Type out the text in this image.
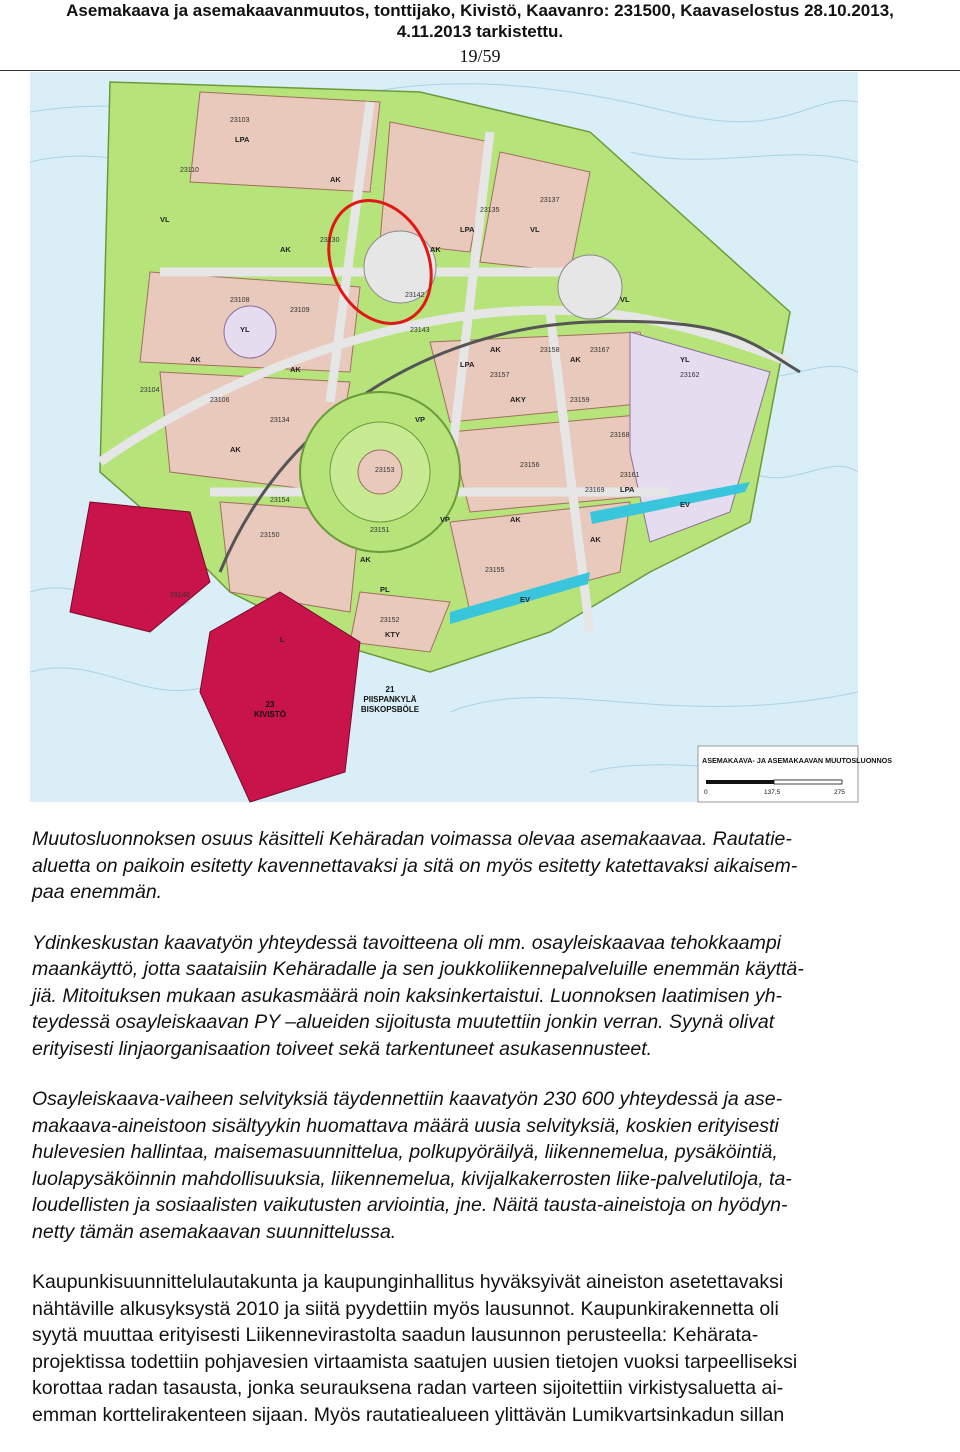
Asemakaava ja asemakaavanmuutos, tonttijako, Kivistö, Kaavanro: 231500, Kaavaselostus 28.10.2013,
4.11.2013 tarkistettu.
19/59
23103
23104
23106
23108
23109
23110
23130
23134
23135
23137
23142
23143
23148
23150
23151
23152
23153
23154
23155
23156
23157
23158
23159
23161
23162
23167
23168
23169
AK
AK	AK
AK
AK
AK
AK
AK
AK
AK
AK
LPA
LPA
LPA
LPA
VL
VL
VL
VP
VP
YL
YL
PL
KTY
EV
EV
AKY
L
23
KIVISTÖ
21
PIISPANKYLÄ
BISKOPSBÖLE
ASEMAKAAVA- JA ASEMAKAAVAN MUUTOSLUONNOS
0	137,5	275

Muutosluonnoksen osuus käsitteli Kehäradan voimassa olevaa asemakaavaa. Rautatie-
aluetta on paikoin esitetty kavennettavaksi ja sitä on myös esitetty katettavaksi aikaisem-
paa enemmän.

Ydinkeskustan kaavatyön yhteydessä tavoitteena oli mm. osayleiskaavaa tehokkaampi
maankäyttö, jotta saataisiin Kehäradalle ja sen joukkoliikennepalveluille enemmän käyttä-
jiä. Mitoituksen mukaan asukasmäärä noin kaksinkertaistui. Luonnoksen laatimisen yh-
teydessä osayleiskaavan PY –alueiden sijoitusta muutettiin jonkin verran. Syynä olivat
erityisesti linjaorganisaation toiveet sekä tarkentuneet asukasennusteet.

Osayleiskaava-vaiheen selvityksiä täydennettiin kaavatyön 230 600 yhteydessä ja ase-
makaava-aineistoon sisältyykin huomattava määrä uusia selvityksiä, koskien erityisesti
hulevesien hallintaa, maisemasuunnittelua, polkupyöräilyä, liikennemelua, pysäköintiä,
luolapysäköinnin mahdollisuuksia, liikennemelua, kivijalkakerrosten liike-palvelutiloja, ta-
loudellisten ja sosiaalisten vaikutusten arviointia, jne. Näitä tausta-aineistoja on hyödyn-
netty tämän asemakaavan suunnittelussa.

Kaupunkisuunnittelulautakunta ja kaupunginhallitus hyväksyivät aineiston asetettavaksi
nähtäville alkusyksystä 2010 ja siitä pyydettiin myös lausunnot. Kaupunkirakennetta oli
syytä muuttaa erityisesti Liikennevirastolta saadun lausunnon perusteella: Kehärata-
projektissa todettiin pohjavesien virtaamista saatujen uusien tietojen vuoksi tarpeelliseksi
korottaa radan tasausta, jonka seurauksena radan varteen sijoitettiin virkistysaluetta ai-
emman korttelirakenteen sijaan. Myös rautatiealueen ylittävän Lumikvartsinkadun sillan
